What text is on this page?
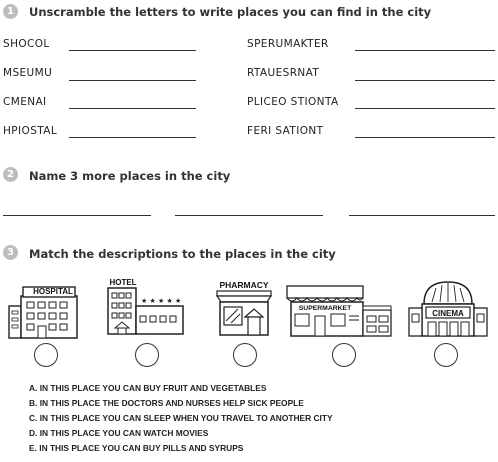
1	Unscramble the letters to write places you can find in the city
SHOCOL
MSEUMU
CMENAI
HPIOSTAL
SPERUMAKTER
RTAUESRNAT
PLICEO STIONTA
FERI SATIONT
2	Name 3 more places in the city
3	Match the descriptions to the places in the city
HOSPITAL
★ ★ ★ ★ ★
HOTEL	PHARMACY
SUPERMARKET
CINEMA
A. IN THIS PLACE YOU CAN BUY FRUIT AND VEGETABLES
B. IN THIS PLACE THE DOCTORS AND NURSES HELP SICK PEOPLE
C. IN THIS PLACE YOU CAN SLEEP WHEN YOU TRAVEL TO ANOTHER CITY
D. IN THIS PLACE YOU CAN WATCH MOVIES
E. IN THIS PLACE YOU CAN BUY PILLS AND SYRUPS
